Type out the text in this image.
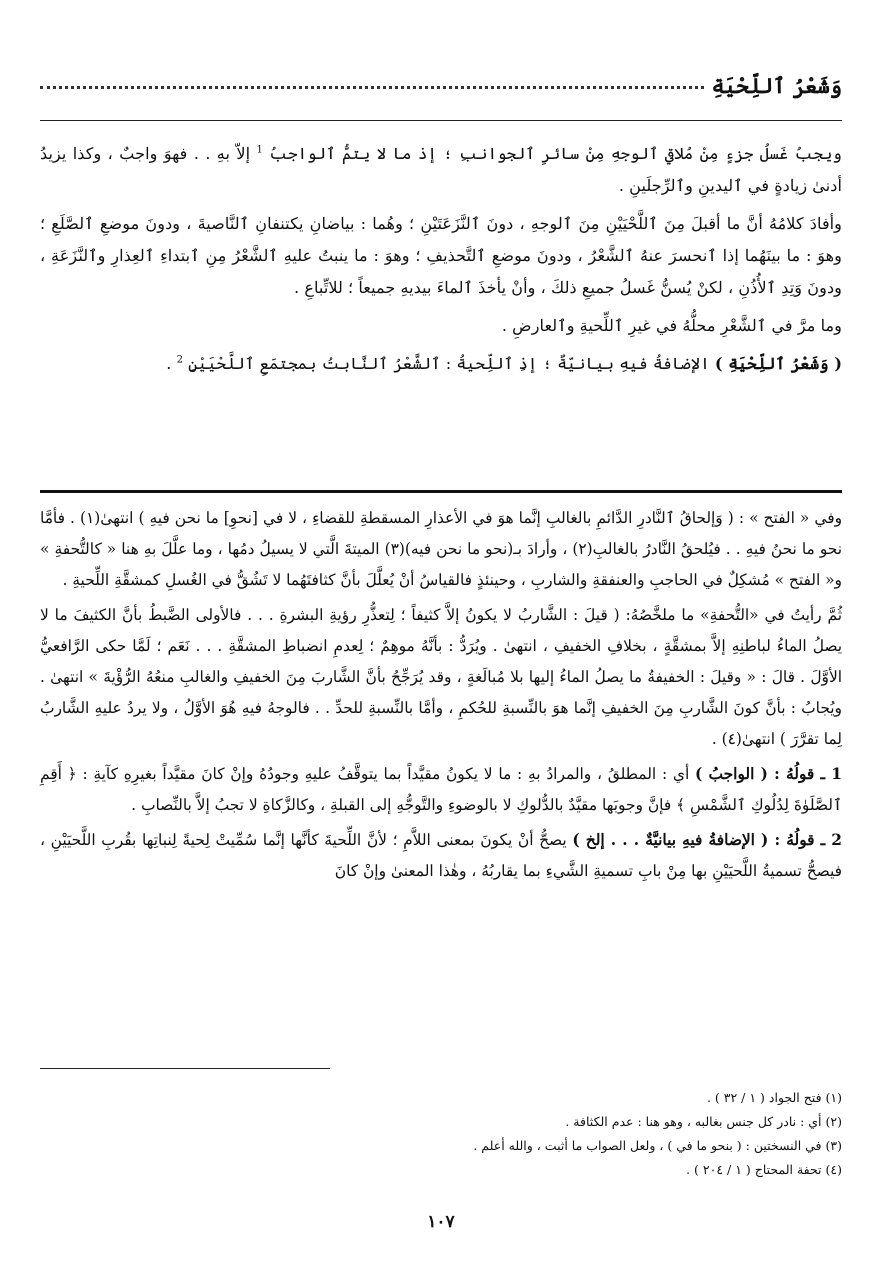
وَشَعْرُ ٱللِّحْيَةِ

ويجبُ غَسلُ جزءٍ مِنْ مُلاقي ٱلوجهِ مِنْ سائرِ ٱلجوانبِ ؛ إذ ما لا يتمُّ ٱلواجبُ $^1$ إلاّ بهِ . . فهوَ واجبٌ ، وكذا يزيدُ أدنىٰ زيادةٍ في ٱليدينِ وٱلرِّجلَينِ .

وأفادَ كلامُهُ أنَّ ما أقبلَ مِنَ ٱللَّحْيَيْنِ مِنَ ٱلوجهِ ، دونَ ٱلنَّزَعَتَيْنِ ؛ وهُما : بياضانِ يكتنفانِ ٱلنَّاصيةَ ، ودونَ موضعِ ٱلصَّلَعِ ؛ وهوَ : ما بينَهُما إذا ٱنحسرَ عنهُ ٱلشَّعْرُ ، ودونَ موضعِ ٱلتَّحذيفِ ؛ وهوَ : ما ينبتُ عليهِ ٱلشَّعْرُ مِنِ ٱبتداءِ ٱلعِذارِ وٱلنَّزَعَةِ ، ودونَ وَتِدِ ٱلأُذُنِ ، لكنْ يُسنُّ غَسلُ جميعِ ذلكَ ، وأنْ يأخذَ ٱلماءَ بيديهِ جميعاً ؛ للاتِّباعِ .

وما مرَّ في ٱلشَّعْرِ محلُّهُ في غيرِ ٱللِّحيةِ وٱلعارضِ .

( وَشَعْرُ ٱللِّحْيَةِ ) الإضافةُ فيهِ بيانيّةٌ ؛ إذِ ٱللِّحيةُ : ٱلشَّعْرُ ٱلنَّابتُ بمجتمَعِ ٱللَّحْيَيْنِ $^2$ .

وفي « الفتح » : ( وَإلحاقُ ٱلنَّادرِ الدَّائمِ بالغالبِ إنَّما هوَ في الأعذارِ المسقطةِ للقضاءِ ، لا في [نحوِ] ما نحن فيهِ ) انتهىٰ(١) . فأمَّا نحو ما نحنُ فيهِ . . فيُلحقُ النَّادرُ بالغالبِ(٢) ، وأرادَ بـ(نحو ما نحن فيه)(٣) الميتةَ الَّتي لا يسيلُ دمُها ، وما علَّلَ بهِ هنا « كالتُّحفةِ » و« الفتح » مُشكِلٌ في الحاجبِ والعنفقةِ والشاربِ ، وحينئذٍ فالقياسُ أنْ يُعلَّلَ بأنَّ كثافتَهُما لا تَشُقُّ في الغُسلِ كمشقَّةِ اللِّحيةِ .

ثُمَّ رأيتُ في «التُّحفةِ» ما ملخَّصُهُ: ( قيلَ : الشَّاربُ لا يكونُ إلاَّ كثيفاً ؛ لِتعذُّرِ رؤيةِ البشرةِ . . . فالأولى الضَّبطُ بأنَّ الكثيفَ ما لا يصلُ الماءُ لباطنِهِ إلاَّ بمشقَّةٍ ، بخلافِ الخفيفِ ، انتهىٰ . ويُرَدُّ : بأنَّهُ موهِمٌ ؛ لِعدمِ انضباطِ المشقَّةِ . . . نَعَم ؛ لَمَّا حكى الرَّافعيُّ الأوَّلَ . قالَ : « وقيلَ : الخفيفةُ ما يصلُ الماءُ إليها بلا مُبالَغةٍ ، وقد يُرَجِّحُ بأنَّ الشَّاربَ مِنَ الخفيفِ والغالبِ منعُهُ الرُّؤْيةَ » انتهىٰ . ويُجابُ : بأنَّ كونَ الشَّاربِ مِنَ الخفيفِ إنَّما هوَ بالنِّسبةِ للحُكمِ ، وأمَّا بالنِّسبةِ للحدِّ . . فالوجهُ فيهِ هُوَ الأوَّلُ ، ولا يردُ عليهِ الشَّاربُ لِما تقرَّرَ ) انتهىٰ(٤) .

1 ـ قولُهُ : ( الواجبُ ) أي : المطلقُ ، والمرادُ بهِ : ما لا يكونُ مقيَّداً بما يتوقَّفُ عليهِ وجودُهُ وإنْ كانَ مقيَّداً بغيرِهِ كآيةِ : ﴿ أَقِمِ ٱلصَّلَوٰةَ لِدُلُوكِ ٱلشَّمْسِ ﴾ فإنَّ وجوبَها مقيَّدٌ بالدُّلوكِ لا بالوضوءِ والتَّوجُّهِ إلى القبلةِ ، وكالزَّكاةِ لا تجبُ إلاَّ بالنِّصابِ .

2 ـ قولُهُ : ( الإضافةُ فيهِ بيانيَّةٌ . . . إلخ ) يصحُّ أنْ يكونَ بمعنى اللاَّمِ ؛ لأنَّ اللِّحيةَ كأنَّها إنَّما سُمِّيتْ لِحيةً لِنباتِها بقُربِ اللَّحيَيْنِ ، فيصحُّ تسميةُ اللَّحيَيْنِ بها مِنْ بابِ تسميةِ الشَّيءِ بما يقاربُهُ ، وهٰذا المعنىٰ وإنْ كانَ

(١) فتح الجواد ( ١ / ٣٢ ) .
(٢) أي : نادر كل جنس بغالبه ، وهو هنا : عدم الكثافة .
(٣) في النسختين : ( بنحو ما في ) ، ولعل الصواب ما أثبت ، والله أعلم .
(٤) تحفة المحتاج ( ١ / ٢٠٤ ) .
١٠٧
